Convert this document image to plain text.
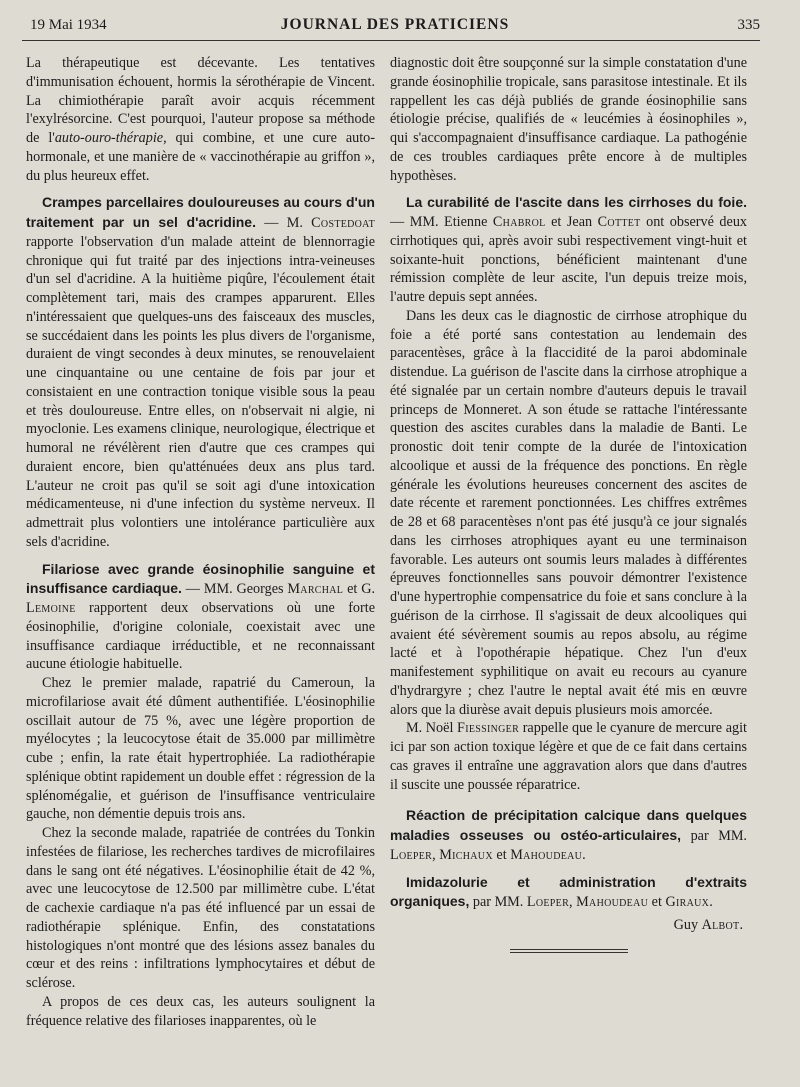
19 Mai 1934	JOURNAL DES PRATICIENS	335

La thérapeutique est décevante. Les tentatives d'immunisation échouent, hormis la sérothérapie de Vincent. La chimiothérapie paraît avoir acquis récemment l'exylrésorcine. C'est pourquoi, l'auteur propose sa méthode de l'auto-ouro-thérapie, qui combine, et une cure auto-hormonale, et une manière de « vaccinothérapie au griffon », du plus heureux effet.

Crampes parcellaires douloureuses au cours d'un traitement par un sel d'acridine. — M. Costedoat rapporte l'observation d'un malade atteint de blennorragie chronique qui fut traité par des injections intra-veineuses d'un sel d'acridine. A la huitième piqûre, l'écoulement était complètement tari, mais des crampes apparurent. Elles n'intéressaient que quelques-uns des faisceaux des muscles, se succédaient dans les points les plus divers de l'organisme, duraient de vingt secondes à deux minutes, se renouvelaient une cinquantaine ou une centaine de fois par jour et consistaient en une contraction tonique visible sous la peau et très douloureuse. Entre elles, on n'observait ni algie, ni myoclonie. Les examens clinique, neurologique, électrique et humoral ne révélèrent rien d'autre que ces crampes qui duraient encore, bien qu'atténuées deux ans plus tard. L'auteur ne croit pas qu'il se soit agi d'une intoxication médicamenteuse, ni d'une infection du système nerveux. Il admettrait plus volontiers une intolérance particulière aux sels d'acridine.

Filariose avec grande éosinophilie sanguine et insuffisance cardiaque. — MM. Georges Marchal et G. Lemoine rapportent deux observations où une forte éosinophilie, d'origine coloniale, coexistait avec une insuffisance cardiaque irréductible, et ne reconnaissant aucune étiologie habituelle.

Chez le premier malade, rapatrié du Cameroun, la microfilariose avait été dûment authentifiée. L'éosinophilie oscillait autour de 75 %, avec une légère proportion de myélocytes ; la leucocytose était de 35.000 par millimètre cube ; enfin, la rate était hypertrophiée. La radiothérapie splénique obtint rapidement un double effet : régression de la splénomégalie, et guérison de l'insuffisance ventriculaire gauche, non démentie depuis trois ans.

Chez la seconde malade, rapatriée de contrées du Tonkin infestées de filariose, les recherches tardives de microfilaires dans le sang ont été négatives. L'éosinophilie était de 42 %, avec une leucocytose de 12.500 par millimètre cube. L'état de cachexie cardiaque n'a pas été influencé par un essai de radiothérapie splénique. Enfin, des constatations histologiques n'ont montré que des lésions assez banales du cœur et des reins : infiltrations lymphocytaires et début de sclérose.

A propos de ces deux cas, les auteurs soulignent la fréquence relative des filarioses inapparentes, où le

diagnostic doit être soupçonné sur la simple constatation d'une grande éosinophilie tropicale, sans parasitose intestinale. Et ils rappellent les cas déjà publiés de grande éosinophilie sans étiologie précise, qualifiés de « leucémies à éosinophiles », qui s'accompagnaient d'insuffisance cardiaque. La pathogénie de ces troubles cardiaques prête encore à de multiples hypothèses.

La curabilité de l'ascite dans les cirrhoses du foie. — MM. Etienne Chabrol et Jean Cottet ont observé deux cirrhotiques qui, après avoir subi respectivement vingt-huit et soixante-huit ponctions, bénéficient maintenant d'une rémission complète de leur ascite, l'un depuis treize mois, l'autre depuis sept années.

Dans les deux cas le diagnostic de cirrhose atrophique du foie a été porté sans contestation au lendemain des paracentèses, grâce à la flaccidité de la paroi abdominale distendue. La guérison de l'ascite dans la cirrhose atrophique a été signalée par un certain nombre d'auteurs depuis le travail princeps de Monneret. A son étude se rattache l'intéressante question des ascites curables dans la maladie de Banti. Le pronostic doit tenir compte de la durée de l'intoxication alcoolique et aussi de la fréquence des ponctions. En règle générale les évolutions heureuses concernent des ascites de date récente et rarement ponctionnées. Les chiffres extrêmes de 28 et 68 paracentèses n'ont pas été jusqu'à ce jour signalés dans les cirrhoses atrophiques ayant eu une terminaison favorable. Les auteurs ont soumis leurs malades à différentes épreuves fonctionnelles sans pouvoir démontrer l'existence d'une hypertrophie compensatrice du foie et sans conclure à la guérison de la cirrhose. Il s'agissait de deux alcooliques qui avaient été sévèrement soumis au repos absolu, au régime lacté et à l'opothérapie hépatique. Chez l'un d'eux manifestement syphilitique on avait eu recours au cyanure d'hydrargyre ; chez l'autre le neptal avait été mis en œuvre alors que la diurèse avait depuis plusieurs mois amorcée.

M. Noël Fiessinger rappelle que le cyanure de mercure agit ici par son action toxique légère et que de ce fait dans certains cas graves il entraîne une aggravation alors que dans d'autres il suscite une poussée réparatrice.

Réaction de précipitation calcique dans quelques maladies osseuses ou ostéo-articulaires, par MM. Loeper, Michaux et Mahoudeau.

Imidazolurie et administration d'extraits organiques, par MM. Loeper, Mahoudeau et Giraux.

Guy Albot.
